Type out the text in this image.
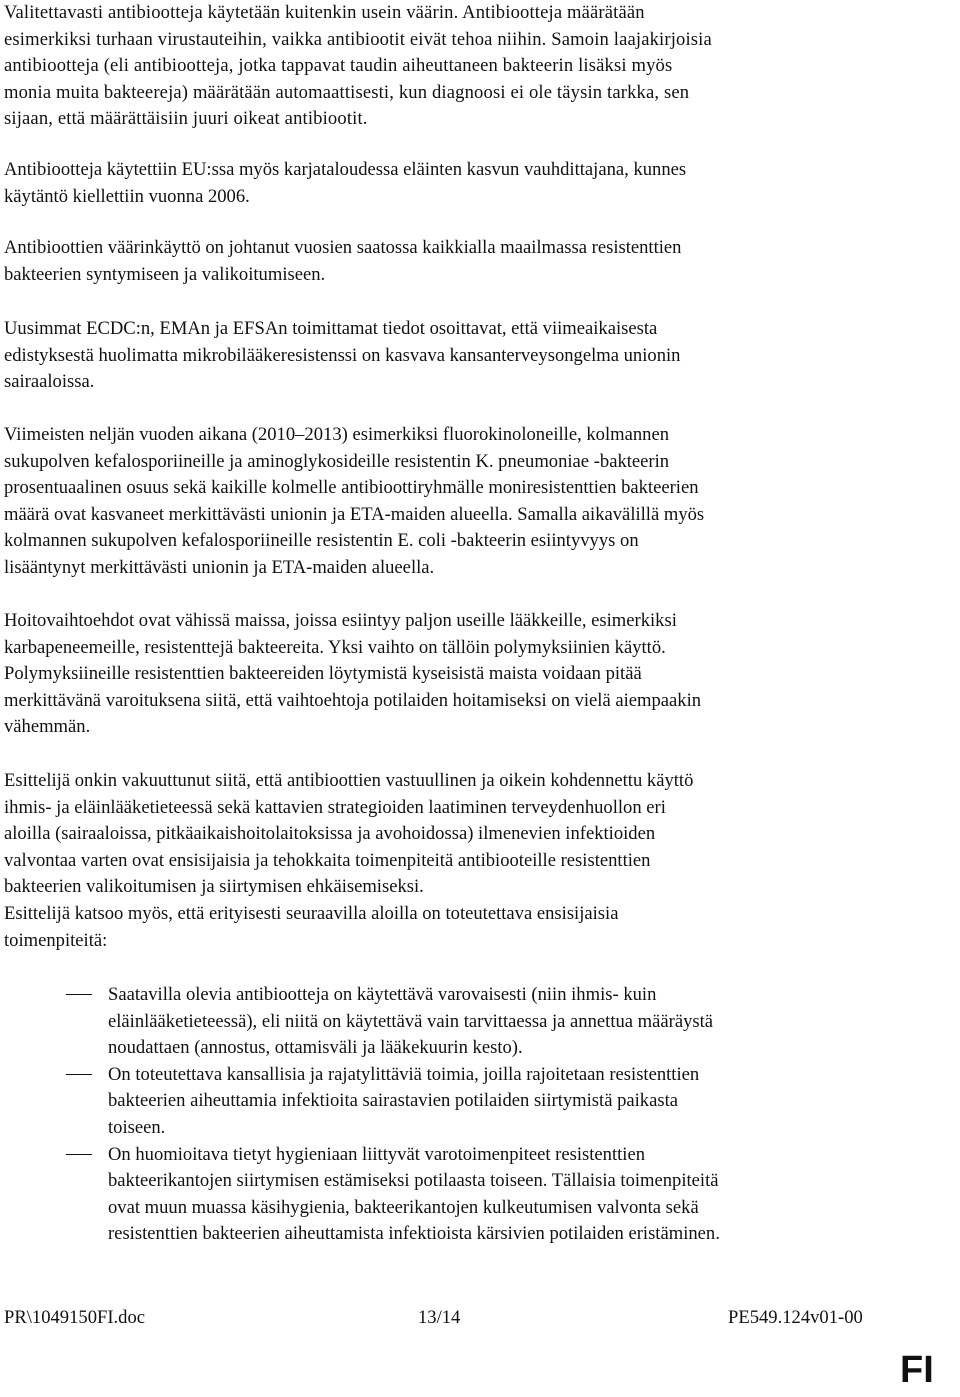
Valitettavasti antibiootteja käytetään kuitenkin usein väärin. Antibiootteja määrätään
esimerkiksi turhaan virustauteihin, vaikka antibiootit eivät tehoa niihin. Samoin laajakirjoisia
antibiootteja (eli antibiootteja, jotka tappavat taudin aiheuttaneen bakteerin lisäksi myös
monia muita bakteereja) määrätään automaattisesti, kun diagnoosi ei ole täysin tarkka, sen
sijaan, että määrättäisiin juuri oikeat antibiootit.
Antibiootteja käytettiin EU:ssa myös karjataloudessa eläinten kasvun vauhdittajana, kunnes
käytäntö kiellettiin vuonna 2006.
Antibioottien väärinkäyttö on johtanut vuosien saatossa kaikkialla maailmassa resistenttien
bakteerien syntymiseen ja valikoitumiseen.
Uusimmat ECDC:n, EMAn ja EFSAn toimittamat tiedot osoittavat, että viimeaikaisesta
edistyksestä huolimatta mikrobilääkeresistenssi on kasvava kansanterveysongelma unionin
sairaaloissa.
Viimeisten neljän vuoden aikana (2010–2013) esimerkiksi fluorokinoloneille, kolmannen
sukupolven kefalosporiineille ja aminoglykosideille resistentin K. pneumoniae -bakteerin
prosentuaalinen osuus sekä kaikille kolmelle antibioottiryhmälle moniresistenttien bakteerien
määrä ovat kasvaneet merkittävästi unionin ja ETA-maiden alueella. Samalla aikavälillä myös
kolmannen sukupolven kefalosporiineille resistentin E. coli -bakteerin esiintyvyys on
lisääntynyt merkittävästi unionin ja ETA-maiden alueella.
Hoitovaihtoehdot ovat vähissä maissa, joissa esiintyy paljon useille lääkkeille, esimerkiksi
karbapeneemeille, resistenttejä bakteereita. Yksi vaihto on tällöin polymyksiinien käyttö.
Polymyksiineille resistenttien bakteereiden löytymistä kyseisistä maista voidaan pitää
merkittävänä varoituksena siitä, että vaihtoehtoja potilaiden hoitamiseksi on vielä aiempaakin
vähemmän.
Esittelijä onkin vakuuttunut siitä, että antibioottien vastuullinen ja oikein kohdennettu käyttö
ihmis- ja eläinlääketieteessä sekä kattavien strategioiden laatiminen terveydenhuollon eri
aloilla (sairaaloissa, pitkäaikaishoitolaitoksissa ja avohoidossa) ilmenevien infektioiden
valvontaa varten ovat ensisijaisia ja tehokkaita toimenpiteitä antibiooteille resistenttien
bakteerien valikoitumisen ja siirtymisen ehkäisemiseksi.
Esittelijä katsoo myös, että erityisesti seuraavilla aloilla on toteutettava ensisijaisia
toimenpiteitä:
Saatavilla olevia antibiootteja on käytettävä varovaisesti (niin ihmis- kuin
eläinlääketieteessä), eli niitä on käytettävä vain tarvittaessa ja annettua määräystä
noudattaen (annostus, ottamisväli ja lääkekuurin kesto).
On toteutettava kansallisia ja rajatylittäviä toimia, joilla rajoitetaan resistenttien
bakteerien aiheuttamia infektioita sairastavien potilaiden siirtymistä paikasta
toiseen.
On huomioitava tietyt hygieniaan liittyvät varotoimenpiteet resistenttien
bakteerikantojen siirtymisen estämiseksi potilaasta toiseen. Tällaisia toimenpiteitä
ovat muun muassa käsihygienia, bakteerikantojen kulkeutumisen valvonta sekä
resistenttien bakteerien aiheuttamista infektioista kärsivien potilaiden eristäminen.
PR\1049150FI.doc	13/14	PE549.124v01-00
FI
